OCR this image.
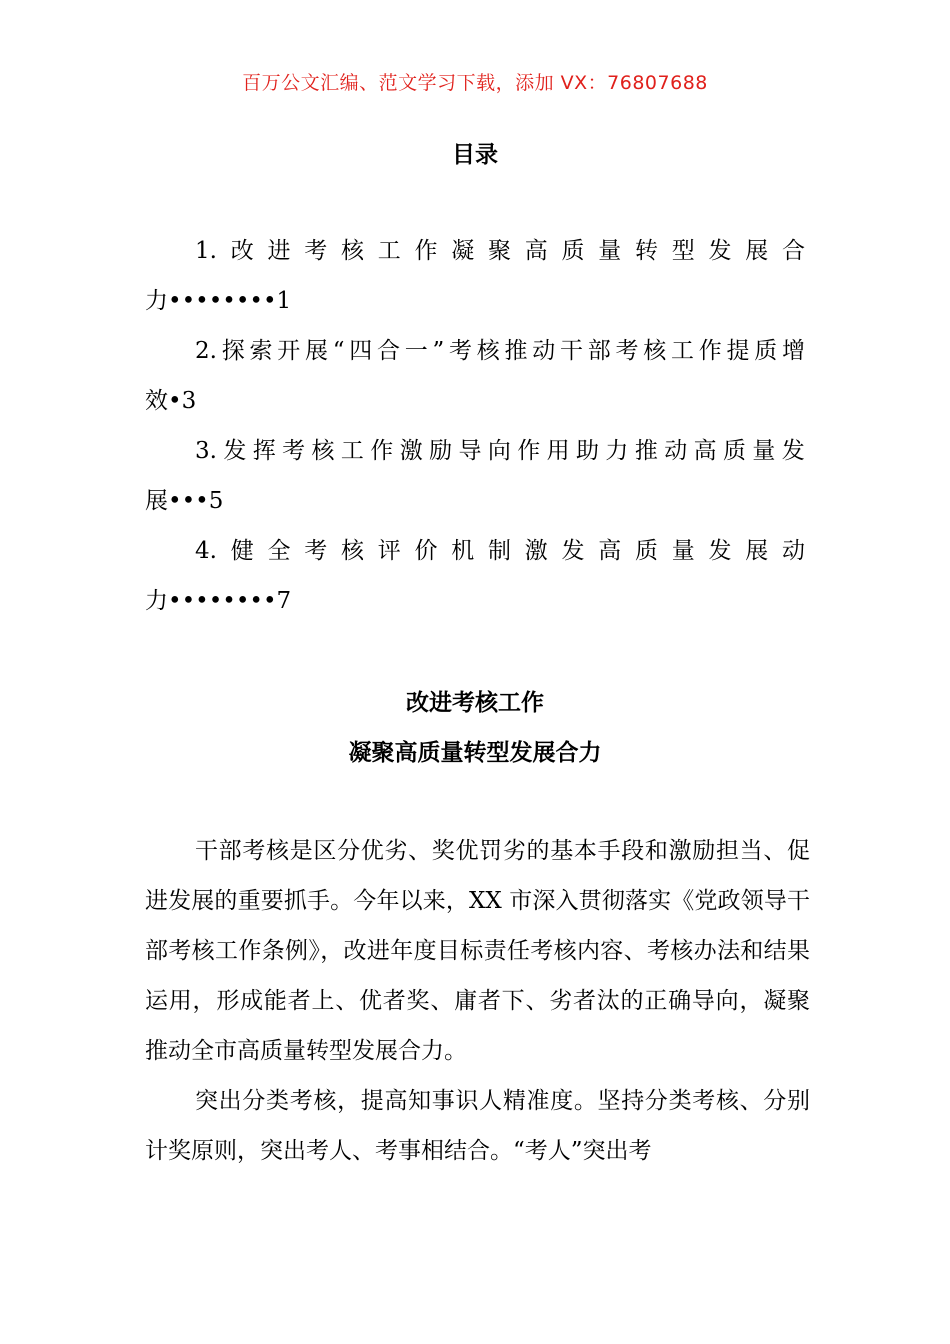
百万公文汇编、范文学习下载，添加 VX：76807688
目录
1. 改 进 考 核 工 作 凝 聚 高 质 量 转 型 发 展 合
力••••••••1
2. 探 索 开 展 “ 四 合 一 ” 考 核 推 动 干 部 考 核 工 作 提 质 增
效•3
3. 发 挥 考 核 工 作 激 励 导 向 作 用 助 力 推 动 高 质 量 发
展•••5
4. 健 全 考 核 评 价 机 制 激 发 高 质 量 发 展 动
力••••••••7
改进考核工作
凝聚高质量转型发展合力

干部考核是区分优劣、奖优罚劣的基本手段和激励担当、促进发展的重要抓手。今年以来，XX 市深入贯彻落实《党政领导干部考核工作条例》，改进年度目标责任考核内容、考核办法和结果运用，形成能者上、优者奖、庸者下、劣者汰的正确导向，凝聚推动全市高质量转型发展合力。

突出分类考核，提高知事识人精准度。坚持分类考核、分别计奖原则，突出考人、考事相结合。“考人”突出考
